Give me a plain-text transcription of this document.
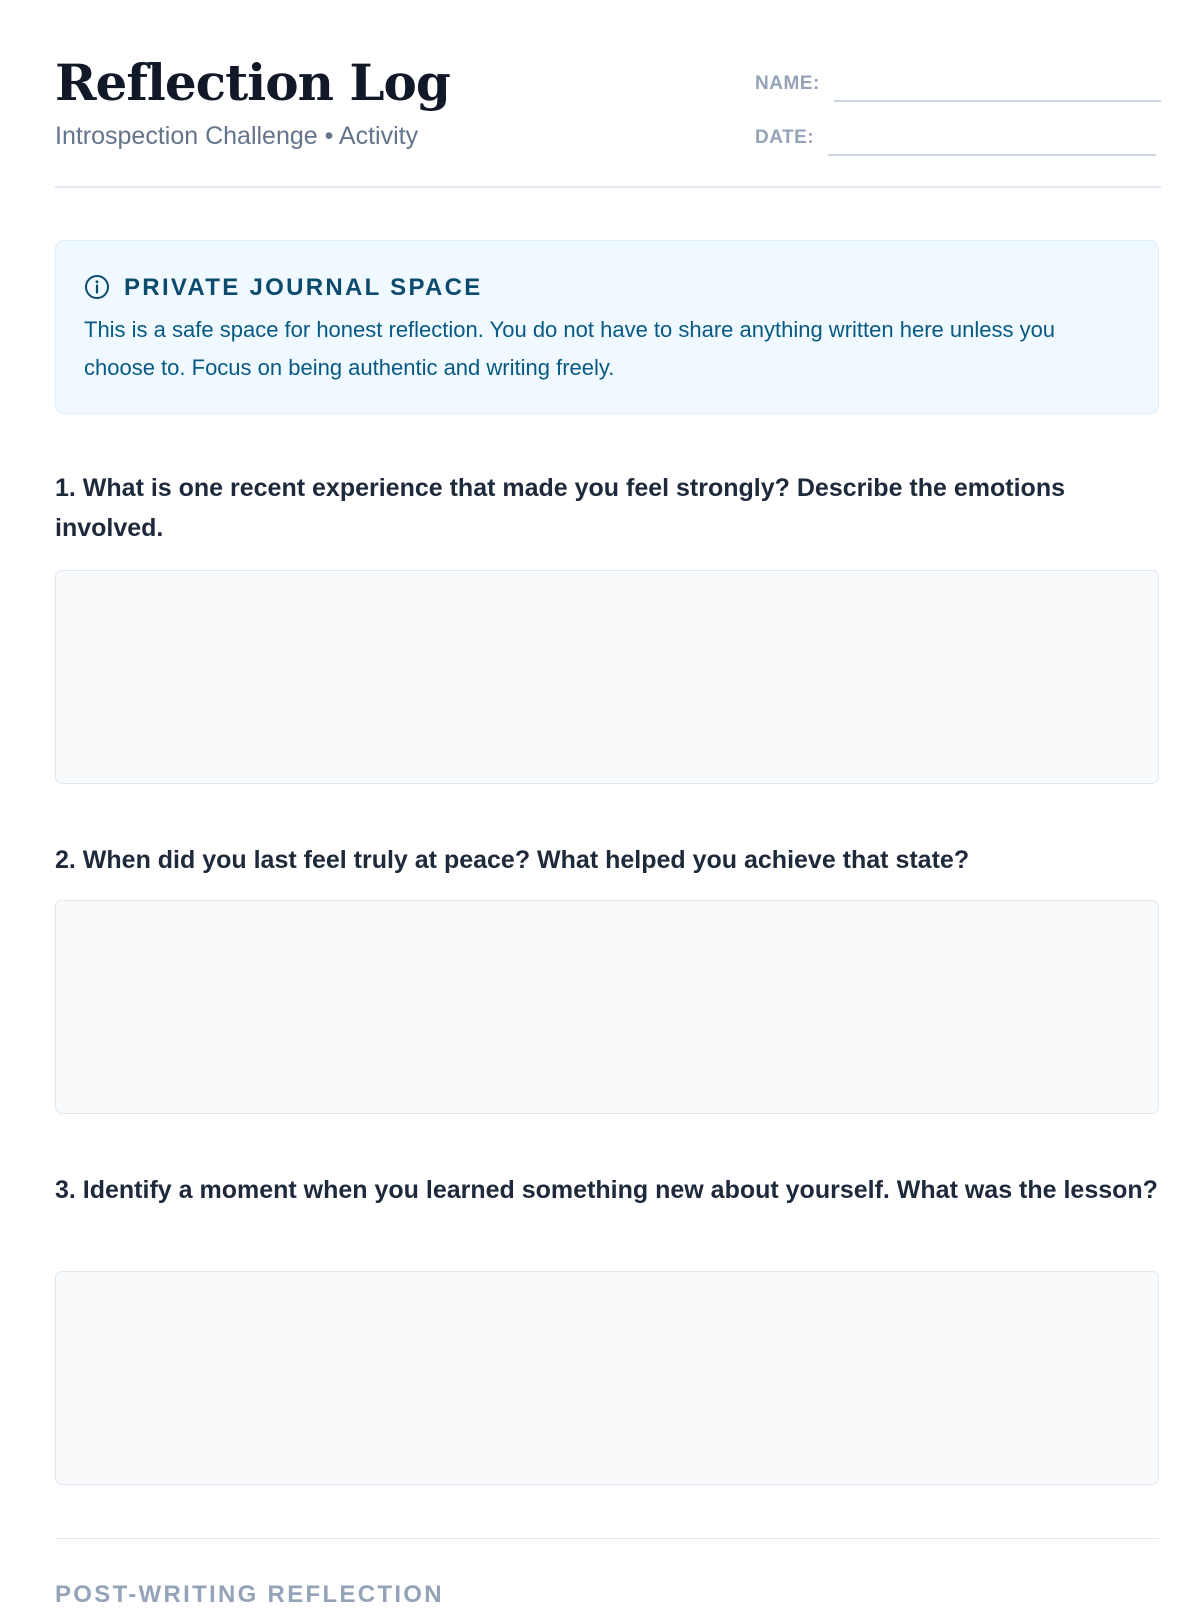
Reflection Log
Introspection Challenge • Activity
NAME:
DATE:
PRIVATE JOURNAL SPACE
This is a safe space for honest reflection. You do not have to share anything written here unless you choose to. Focus on being authentic and writing freely.

1. What is one recent experience that made you feel strongly? Describe the emotions involved.

2. When did you last feel truly at peace? What helped you achieve that state?

3. Identify a moment when you learned something new about yourself. What was the lesson?

POST-WRITING REFLECTION
